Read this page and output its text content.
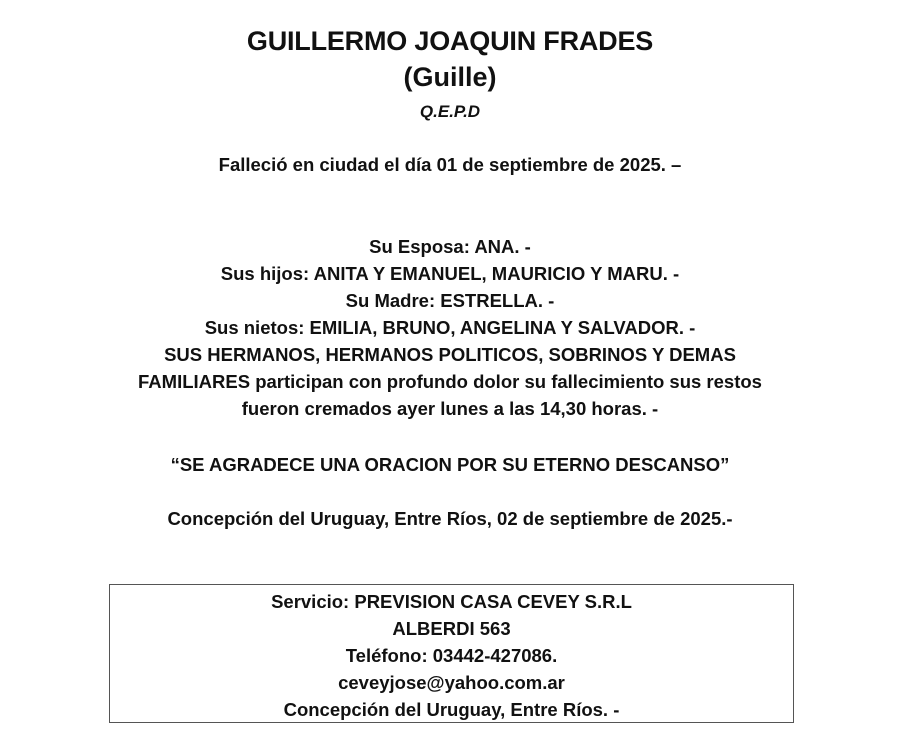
GUILLERMO JOAQUIN FRADES
(Guille)
Q.E.P.D
Falleció en ciudad el día 01 de septiembre de 2025. –
Su Esposa: ANA. -
Sus hijos: ANITA Y EMANUEL, MAURICIO Y MARU. -
Su Madre: ESTRELLA. -
Sus nietos: EMILIA, BRUNO, ANGELINA Y SALVADOR. -
SUS HERMANOS, HERMANOS POLITICOS, SOBRINOS Y DEMAS
FAMILIARES participan con profundo dolor su fallecimiento sus restos
fueron cremados ayer lunes a las 14,30 horas. -
“SE AGRADECE UNA ORACION POR SU ETERNO DESCANSO”
Concepción del Uruguay, Entre Ríos, 02 de septiembre de 2025.-
Servicio: PREVISION CASA CEVEY S.R.L
ALBERDI 563
Teléfono: 03442-427086.
ceveyjose@yahoo.com.ar
Concepción del Uruguay, Entre Ríos. -
